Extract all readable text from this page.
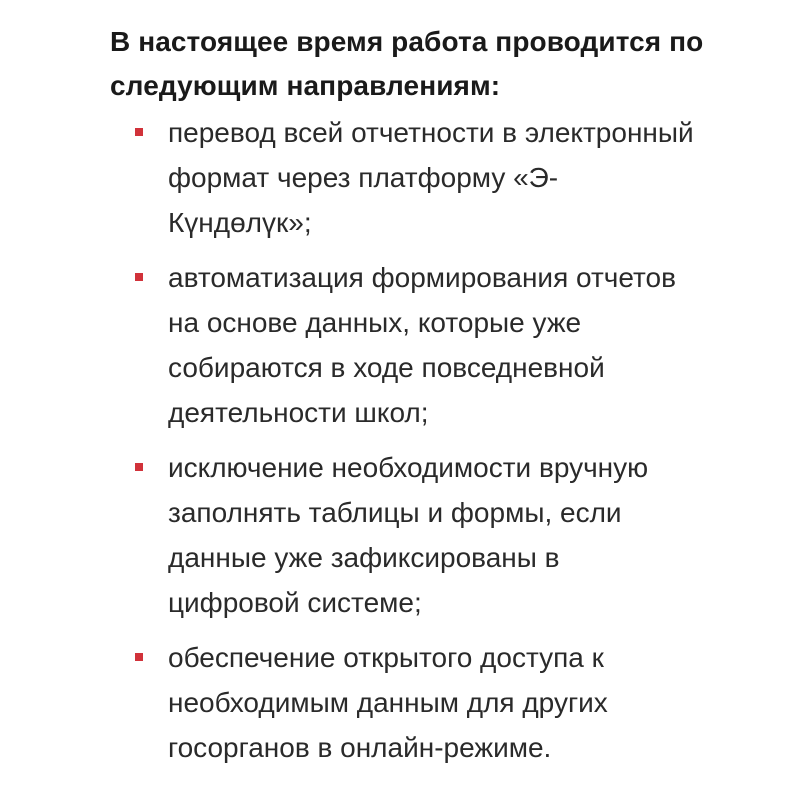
В настоящее время работа проводится по следующим направлениям:

перевод всей отчетности в электронный формат через платформу «Э-Күндөлүк»;
автоматизация формирования отчетов на основе данных, которые уже собираются в ходе повседневной деятельности школ;
исключение необходимости вручную заполнять таблицы и формы, если данные уже зафиксированы в цифровой системе;
обеспечение открытого доступа к необходимым данным для других госорганов в онлайн-режиме.
